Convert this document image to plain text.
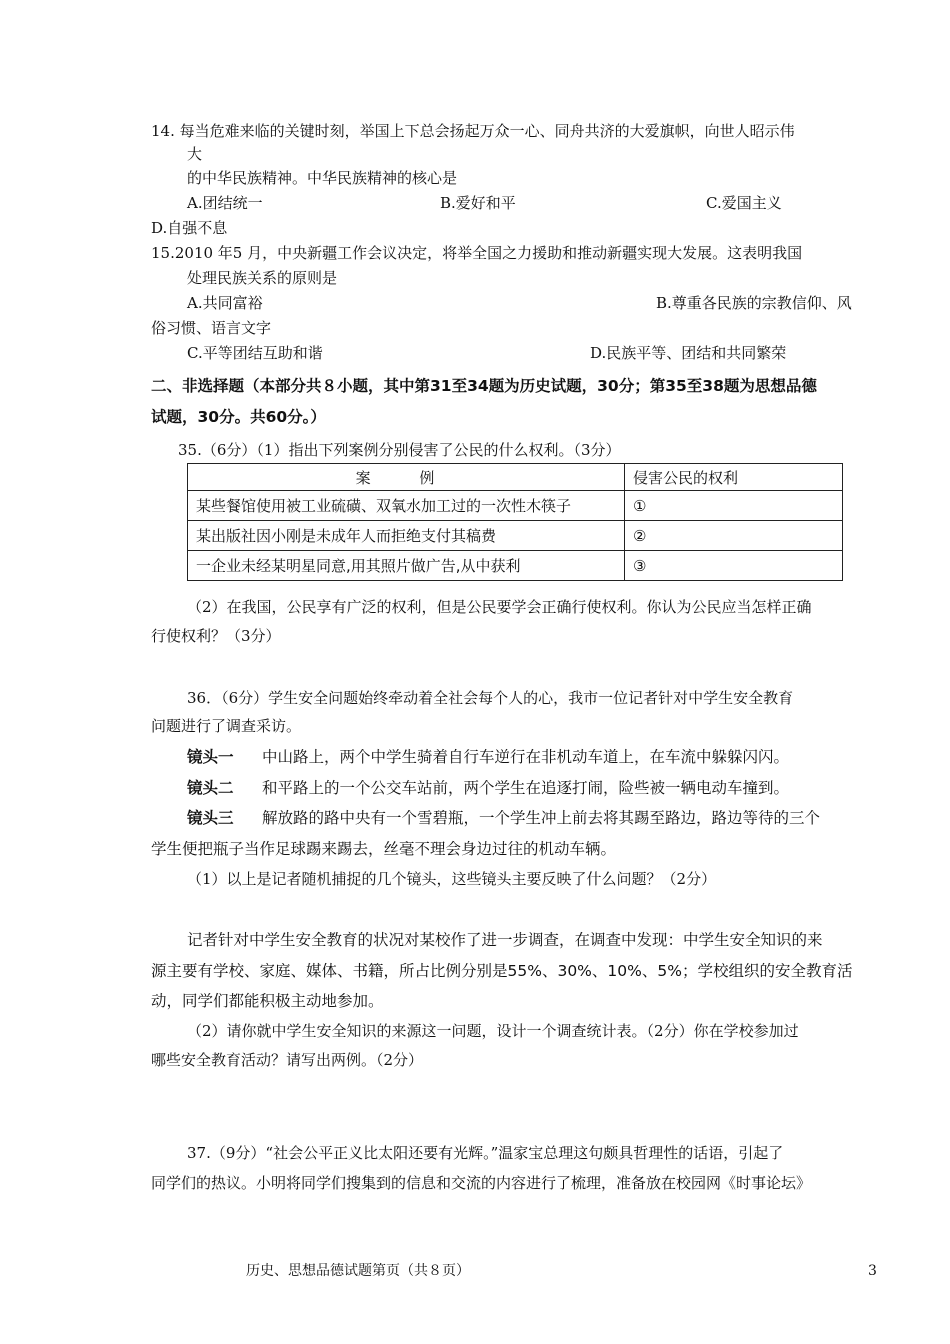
14. 每当危难来临的关键时刻，举国上下总会扬起万众一心、同舟共济的大爱旗帜，向世人昭示伟
大
的中华民族精神。中华民族精神的核心是
A.团结统一	B.爱好和平	C.爱国主义
D.自强不息
15.2010 年5 月，中央新疆工作会议决定，将举全国之力援助和推动新疆实现大发展。这表明我国
处理民族关系的原则是
A.共同富裕	B.尊重各民族的宗教信仰、风
俗习惯、语言文字
C.平等团结互助和谐	D.民族平等、团结和共同繁荣
二、非选择题（本部分共８小题，其中第31至34题为历史试题，30分；第35至38题为思想品德
试题，30分。共60分。）
35.（6分）（1）指出下列案例分别侵害了公民的什么权利。（3分）
案 例	侵害公民的权利
某些餐馆使用被工业硫磺、双氧水加工过的一次性木筷子	①
某出版社因小刚是未成年人而拒绝支付其稿费	②
一企业未经某明星同意,用其照片做广告,从中获利	③
（2）在我国，公民享有广泛的权利，但是公民要学会正确行使权利。你认为公民应当怎样正确
行使权利？（3分）
36．（6分）学生安全问题始终牵动着全社会每个人的心，我市一位记者针对中学生安全教育
问题进行了调查采访。
镜头一 中山路上，两个中学生骑着自行车逆行在非机动车道上，在车流中躲躲闪闪。
镜头二 和平路上的一个公交车站前，两个学生在追逐打闹，险些被一辆电动车撞到。
镜头三 解放路的路中央有一个雪碧瓶，一个学生冲上前去将其踢至路边，路边等待的三个
学生便把瓶子当作足球踢来踢去，丝毫不理会身边过往的机动车辆。
（1）以上是记者随机捕捉的几个镜头，这些镜头主要反映了什么问题？（2分）
记者针对中学生安全教育的状况对某校作了进一步调查，在调查中发现：中学生安全知识的来
源主要有学校、家庭、媒体、书籍，所占比例分别是55%、30%、10%、5%；学校组织的安全教育活
动，同学们都能积极主动地参加。
（2）请你就中学生安全知识的来源这一问题，设计一个调查统计表。（2分）你在学校参加过
哪些安全教育活动？请写出两例。（2分）
37.（9分）“社会公平正义比太阳还要有光辉。”温家宝总理这句颇具哲理性的话语，引起了
同学们的热议。小明将同学们搜集到的信息和交流的内容进行了梳理，准备放在校园网《时事论坛》
历史、思想品德试题第页（共８页）	3
